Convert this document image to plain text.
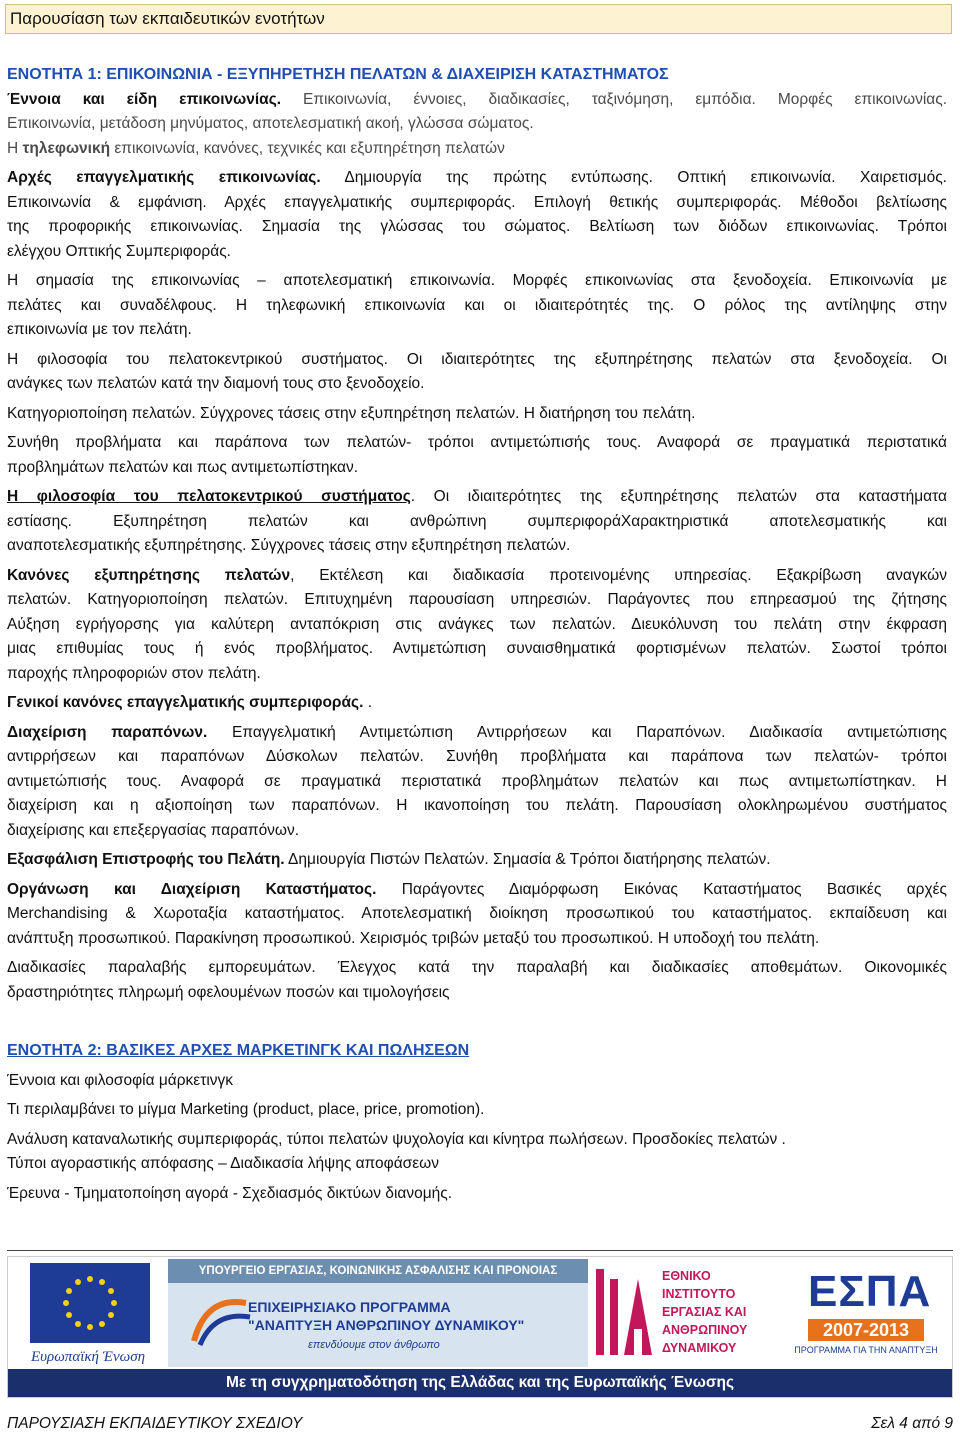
Παρουσίαση των εκπαιδευτικών ενοτήτων
ΕΝΟΤΗΤΑ 1: ΕΠΙΚΟΙΝΩΝΙΑ - ΕΞΥΠΗΡΕΤΗΣΗ ΠΕΛΑΤΩΝ & ΔΙΑΧΕΙΡΙΣΗ ΚΑΤΑΣΤΗΜΑΤΟΣ
Έννοια και είδη επικοινωνίας. Επικοινωνία, έννοιες, διαδικασίες, ταξινόμηση, εμπόδια. Μορφές επικοινωνίας.
Επικοινωνία, μετάδοση μηνύματος, αποτελεσματική ακοή, γλώσσα σώματος.
Η τηλεφωνική επικοινωνία, κανόνες, τεχνικές και εξυπηρέτηση πελατών
Αρχές επαγγελματικής επικοινωνίας. Δημιουργία της πρώτης εντύπωσης. Οπτική επικοινωνία. Χαιρετισμός.
Επικοινωνία & εμφάνιση. Αρχές επαγγελματικής συμπεριφοράς. Επιλογή θετικής συμπεριφοράς. Μέθοδοι βελτίωσης
της προφορικής επικοινωνίας. Σημασία της γλώσσας του σώματος. Βελτίωση των διόδων επικοινωνίας. Τρόποι
ελέγχου Οπτικής Συμπεριφοράς.
Η σημασία της επικοινωνίας – αποτελεσματική επικοινωνία. Μορφές επικοινωνίας στα ξενοδοχεία. Επικοινωνία με
πελάτες και συναδέλφους. Η τηλεφωνική επικοινωνία και οι ιδιαιτερότητές της. Ο ρόλος της αντίληψης στην
επικοινωνία με τον πελάτη.
Η φιλοσοφία του πελατοκεντρικού συστήματος. Οι ιδιαιτερότητες της εξυπηρέτησης πελατών στα ξενοδοχεία. Οι
ανάγκες των πελατών κατά την διαμονή τους στο ξενοδοχείο.
Κατηγοριοποίηση πελατών. Σύγχρονες τάσεις στην εξυπηρέτηση πελατών. Η διατήρηση του πελάτη.
Συνήθη προβλήματα και παράπονα των πελατών- τρόποι αντιμετώπισής τους. Αναφορά σε πραγματικά περιστατικά
προβλημάτων πελατών και πως αντιμετωπίστηκαν.
Η φιλοσοφία του πελατοκεντρικού συστήματος. Οι ιδιαιτερότητες της εξυπηρέτησης πελατών στα καταστήματα
εστίασης. Εξυπηρέτηση πελατών και ανθρώπινη συμπεριφοράΧαρακτηριστικά αποτελεσματικής και
αναποτελεσματικής εξυπηρέτησης. Σύγχρονες τάσεις στην εξυπηρέτηση πελατών.
Κανόνες εξυπηρέτησης πελατών, Εκτέλεση και διαδικασία προτεινομένης υπηρεσίας. Εξακρίβωση αναγκών
πελατών. Κατηγοριοποίηση πελατών. Επιτυχημένη παρουσίαση υπηρεσιών. Παράγοντες που επηρεασμού της ζήτησης
Αύξηση εγρήγορσης για καλύτερη ανταπόκριση στις ανάγκες των πελατών. Διευκόλυνση του πελάτη στην έκφραση
μιας επιθυμίας τους ή ενός προβλήματος. Αντιμετώπιση συναισθηματικά φορτισμένων πελατών. Σωστοί τρόποι
παροχής πληροφοριών στον πελάτη.
Γενικοί κανόνες επαγγελματικής συμπεριφοράς. .
Διαχείριση παραπόνων. Επαγγελματική Αντιμετώπιση Αντιρρήσεων και Παραπόνων. Διαδικασία αντιμετώπισης
αντιρρήσεων και παραπόνων Δύσκολων πελατών. Συνήθη προβλήματα και παράπονα των πελατών- τρόποι
αντιμετώπισής τους. Αναφορά σε πραγματικά περιστατικά προβλημάτων πελατών και πως αντιμετωπίστηκαν. Η
διαχείριση και η αξιοποίηση των παραπόνων. Η ικανοποίηση του πελάτη. Παρουσίαση ολοκληρωμένου συστήματος
διαχείρισης και επεξεργασίας παραπόνων.
Εξασφάλιση Επιστροφής του Πελάτη. Δημιουργία Πιστών Πελατών. Σημασία & Τρόποι διατήρησης πελατών.
Οργάνωση και Διαχείριση Καταστήματος. Παράγοντες Διαμόρφωση Εικόνας Καταστήματος Βασικές αρχές
Merchandising & Χωροταξία καταστήματος. Αποτελεσματική διοίκηση προσωπικού του καταστήματος. εκπαίδευση και
ανάπτυξη προσωπικού. Παρακίνηση προσωπικού. Χειρισμός τριβών μεταξύ του προσωπικού. Η υποδοχή του πελάτη.
Διαδικασίες παραλαβής εμπορευμάτων. Έλεγχος κατά την παραλαβή και διαδικασίες αποθεμάτων. Οικονομικές
δραστηριότητες πληρωμή οφελουμένων ποσών και τιμολογήσεις
ΕΝΟΤΗΤΑ 2: ΒΑΣΙΚΕΣ ΑΡΧΕΣ ΜΑΡΚΕΤΙΝΓΚ ΚΑΙ ΠΩΛΗΣΕΩΝ
Έννοια και φιλοσοφία μάρκετινγκ
Τι περιλαμβάνει το μίγμα Marketing (product, place, price, promotion).
Ανάλυση καταναλωτικής συμπεριφοράς, τύποι πελατών ψυχολογία και κίνητρα πωλήσεων. Προσδοκίες πελατών .
Τύποι αγοραστικής απόφασης – Διαδικασία λήψης αποφάσεων
Έρευνα - Τμηματοποίηση αγορά - Σχεδιασμός δικτύων διανομής.
Ευρωπαϊκή Ένωση
ΥΠΟΥΡΓΕΙΟ ΕΡΓΑΣΙΑΣ, ΚΟΙΝΩΝΙΚΗΣ ΑΣΦΑΛΙΣΗΣ ΚΑΙ ΠΡΟΝΟΙΑΣ
ΕΠΙΧΕΙΡΗΣΙΑΚΟ ΠΡΟΓΡΑΜΜΑ
"ΑΝΑΠΤΥΞΗ ΑΝΘΡΩΠΙΝΟΥ ΔΥΝΑΜΙΚΟΥ"
επενδύουμε στον άνθρωπο
ΕΘΝΙΚΟ
ΙΝΣΤΙΤΟΥΤΟ
ΕΡΓΑΣΙΑΣ ΚΑΙ
ΑΝΘΡΩΠΙΝΟΥ
ΔΥΝΑΜΙΚΟΥ
ΕΣΠΑ
2007-2013
ΠΡΟΓΡΑΜΜΑ ΓΙΑ ΤΗΝ ΑΝΑΠΤΥΞΗ
Με τη συγχρηματοδότηση της Ελλάδας και της Ευρωπαϊκής Ένωσης
ΠΑΡΟΥΣΙΑΣΗ ΕΚΠΑΙΔΕΥΤΙΚΟΥ ΣΧΕΔΙΟΥ	Σελ 4 από 9
